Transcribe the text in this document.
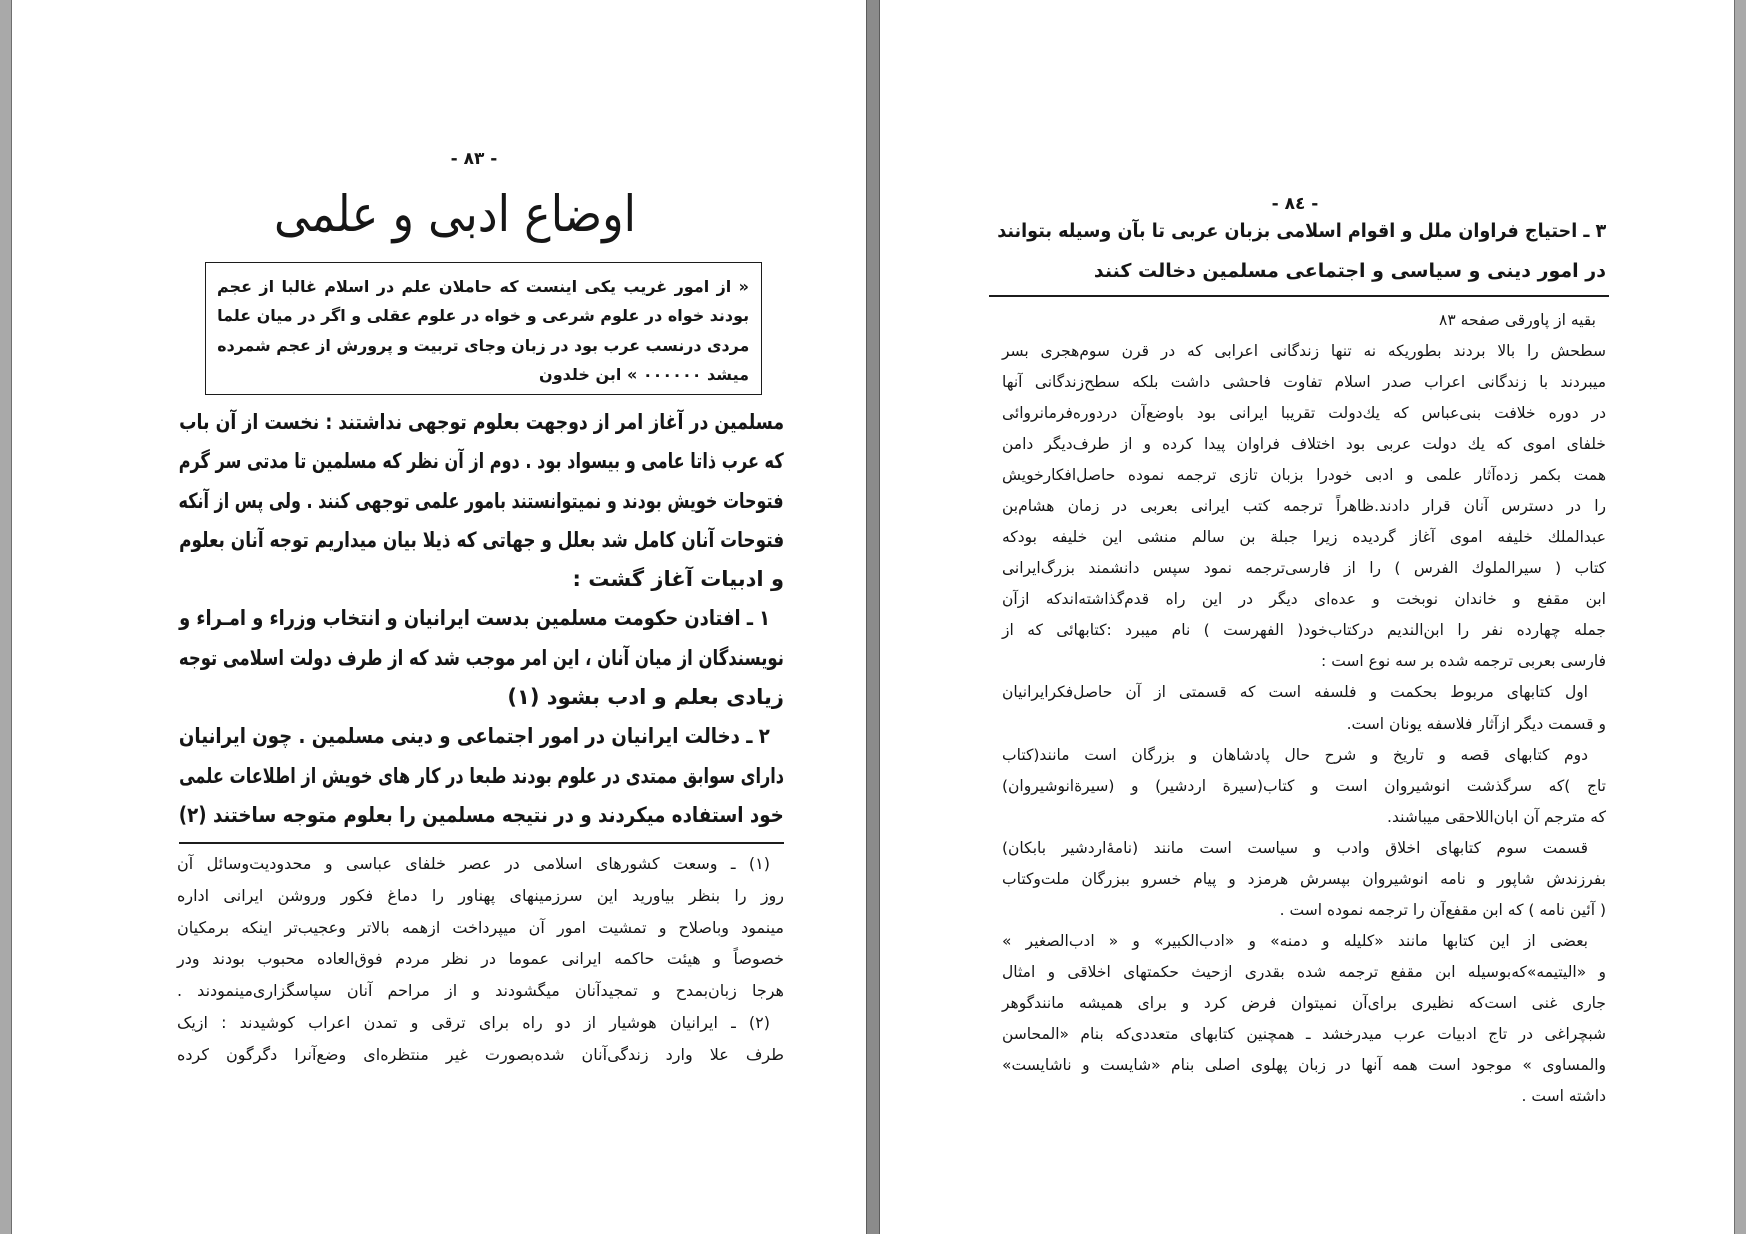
- ٨٣ -
اوضاع ادبی و علمی
« از امور غریب یکی اینست که حاملان علم در اسلام غالبا از عجم
بودند خواه در علوم شرعی و خواه در علوم عقلی و اگر در میان علما
مردی درنسب عرب بود در زبان وجای تربیت و پرورش از عجم شمرده
میشد ٠٠٠٠٠٠ » ابن خلدون
مسلمین در آغاز امر از دوجهت بعلوم توجهی نداشتند : نخست از آن باب
که عرب ذاتا عامی و بیسواد بود . دوم از آن نظر که مسلمین تا مدتی سر گرم
فتوحات خویش بودند و نمیتوانستند بامور علمی توجهی کنند . ولی پس از آنکه
فتوحات آنان کامل شد بعلل و جهاتی که ذیلا بیان میداریم توجه آنان بعلوم
و ادبیات آغاز گشت :
١ ـ افتادن حکومت مسلمین بدست ایرانیان و انتخاب وزراء و امـراء و
نویسندگان از میان آنان ، این امر موجب شد که از طرف دولت اسلامی توجه
زیادی بعلم و ادب بشود (١)
٢ ـ دخالت ایرانیان در امور اجتماعی و دینی مسلمین . چون ایرانیان
دارای سوابق ممتدی در علوم بودند طبعا در کار های خویش از اطلاعات علمی
خود استفاده میکردند و در نتیجه مسلمین را بعلوم متوجه ساختند (٢)
(١) ـ وسعت کشورهای اسلامی در عصر خلفای عباسی و محدودیت‌وسائل آن
روز را بنظر بیاورید این سرزمینهای پهناور را دماغ فکور وروشن ایرانی اداره
مینمود وباصلاح و تمشیت امور آن میپرداخت ازهمه بالاتر وعجیب‌تر اینکه برمکیان
خصوصاً و هیئت حاکمه ایرانی عموما در نظر مردم فوق‌العاده محبوب بودند ودر
هرجا زبان‌بمدح و تمجیدآنان میگشودند و از مراحم آنان سپاسگزاری‌مینمودند .
(٢) ـ ایرانیان هوشیار از دو راه برای ترقی و تمدن اعراب کوشیدند : ازیک
طرف علا وارد زندگی‌آنان شده‌بصورت غیر منتظره‌ای وضع‌آنرا دگرگون کرده
- ٨٤ -
٣ ـ احتیاج فراوان ملل و اقوام اسلامی بزبان عربی تا بآن وسیله بتوانند
در امور دینی و سیاسی و اجتماعی مسلمین دخالت کنند
بقیه از پاورقی صفحه ٨٣
سطحش را بالا بردند بطوریکه نه تنها زندگانی اعرابی که در قرن سوم‌هجری بسر
میبردند با زندگانی اعراب صدر اسلام تفاوت فاحشی داشت بلکه سطح‌زندگانی آنها
در دوره خلافت بنی‌عباس که یك‌دولت تقریبا ایرانی بود باوضع‌آن دردوره‌فرمانروائی
خلفای اموی که یك دولت عربی بود اختلاف فراوان پیدا کرده و از طرف‌دیگر دامن
همت بکمر زده‌آثار علمی و ادبی خودرا بزبان تازی ترجمه نموده حاصل‌افکارخویش
را در دسترس آنان قرار دادند.ظاهراً ترجمه کتب ایرانی بعربی در زمان هشام‌بن
عبدالملك خلیفه اموی آغاز گردیده زیرا جبلة بن سالم منشی این خلیفه بودکه
کتاب ( سیرالملوك الفرس ) را از فارسی‌ترجمه نمود سپس دانشمند بزرگ‌ایرانی
ابن مقفع و خاندان نوبخت و عده‌ای دیگر در این راه قدم‌گذاشته‌اندکه ازآن
جمله چهارده نفر را ابن‌الندیم درکتاب‌خود( الفهرست ) نام میبرد :کتابهائی که از
فارسی بعربی ترجمه شده بر سه نوع است :
اول کتابهای مربوط بحکمت و فلسفه است که قسمتی از آن حاصل‌فکرایرانیان
و قسمت دیگر ازآثار فلاسفه یونان است.
دوم کتابهای قصه و تاریخ و شرح حال پادشاهان و بزرگان است مانند(کتاب
تاج )که سرگذشت انوشیروان است و کتاب(سیرة اردشیر) و (سیرة‌انوشیروان)
که مترجم آن ابان‌اللاحقی میباشند.
قسمت سوم کتابهای اخلاق وادب و سیاست است مانند (نامهٔ‌اردشیر بابکان)
بفرزندش شاپور و نامه انوشیروان بپسرش هرمزد و پیام خسرو ببزرگان ملت‌وکتاب
( آئین نامه ) که ابن مقفع‌آن را ترجمه نموده است .
بعضی از این کتابها مانند «کلیله و دمنه» و «ادب‌الکبیر» و « ادب‌الصغیر »
و «الیتیمه»که‌بوسیله ابن مقفع ترجمه شده بقدری ازحیث حکمتهای اخلاقی و امثال
جاری غنی است‌که نظیری برای‌آن نمیتوان فرض کرد و برای همیشه مانندگوهر
شبچراغی در تاج ادبیات عرب میدرخشد ـ همچنین کتابهای متعددی‌که بنام «المحاسن
والمساوی » موجود است همه آنها در زبان پهلوی اصلی بنام «شایست و ناشایست»
داشته است .
